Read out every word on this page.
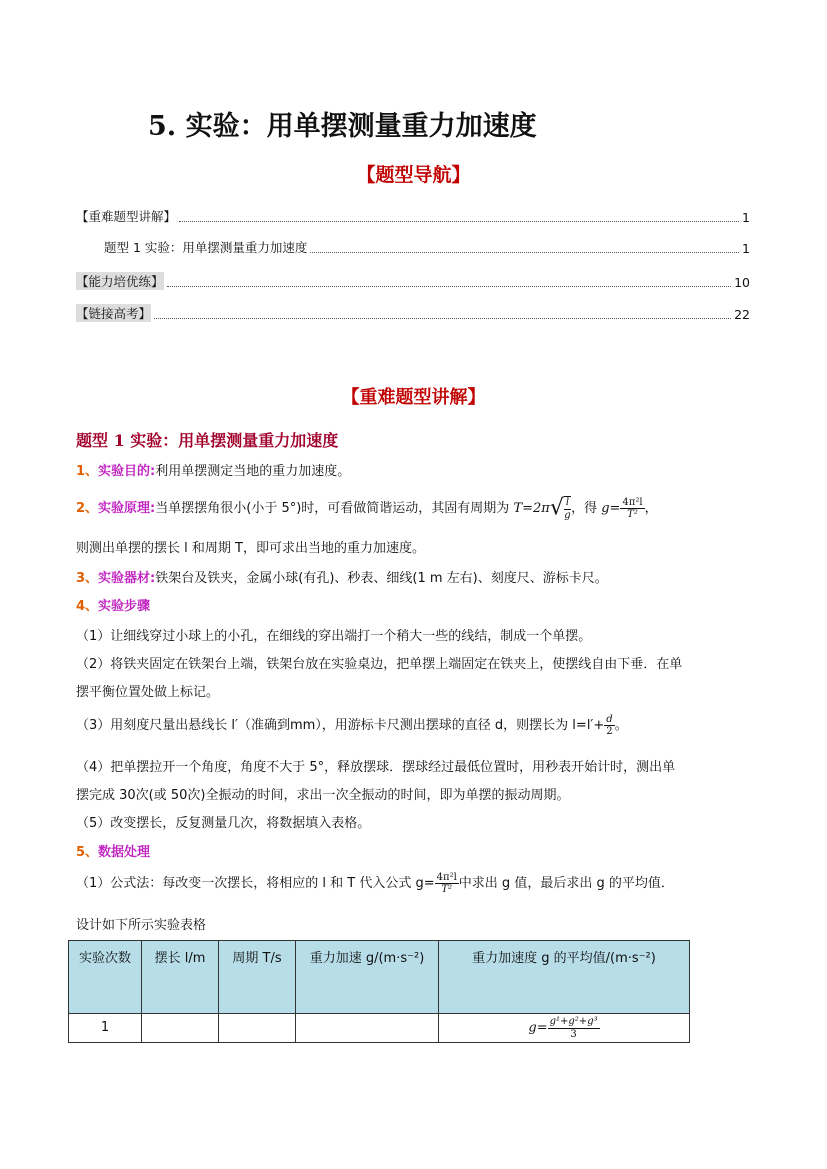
5. 实验：用单摆测量重力加速度
【题型导航】
【重难题型讲解】	1
题型 1 实验：用单摆测量重力加速度	1
【能力培优练】	10
【链接高考】	22
【重难题型讲解】
题型 1 实验：用单摆测量重力加速度
1、实验目的:利用单摆测定当地的重力加速度。
2、实验原理:当单摆摆角很小(小于 5°)时，可看做简谐运动，其固有周期为 $T=2\pi√ \frac{l}{g}$ ，得 $g= \frac{\text{4π²l}}{\text{T²}}$ ，
则测出单摆的摆长 l 和周期 T，即可求出当地的重力加速度。
3、实验器材:铁架台及铁夹，金属小球(有孔)、秒表、细线(1 m 左右)、刻度尺、游标卡尺。
4、实验步骤
（1）让细线穿过小球上的小孔，在细线的穿出端打一个稍大一些的线结，制成一个单摆。
（2）将铁夹固定在铁架台上端，铁架台放在实验桌边，把单摆上端固定在铁夹上，使摆线自由下垂．在单
摆平衡位置处做上标记。
（3）用刻度尺量出悬线长 l′（准确到mm），用游标卡尺测出摆球的直径 d，则摆长为 $l=l'+ \frac{d}{2}$ 。
（4）把单摆拉开一个角度，角度不大于 5°，释放摆球．摆球经过最低位置时，用秒表开始计时，测出单
摆完成 30次(或 50次)全振动的时间，求出一次全振动的时间，即为单摆的振动周期。
（5）改变摆长，反复测量几次，将数据填入表格。
5、数据处理
（1）公式法：每改变一次摆长，将相应的 l 和 T 代入公式 $g= \frac{\text{4π²l}}{\text{T²}}$ 中求出 g 值，最后求出 g 的平均值．
设计如下所示实验表格
实验次数	摆长 l/m	周期 T/s	重力加速 g/(m·s⁻²)	重力加速度 g 的平均值/(m·s⁻²)
1				$g= \frac{\text{g¹+g²+g³}}{3}$
